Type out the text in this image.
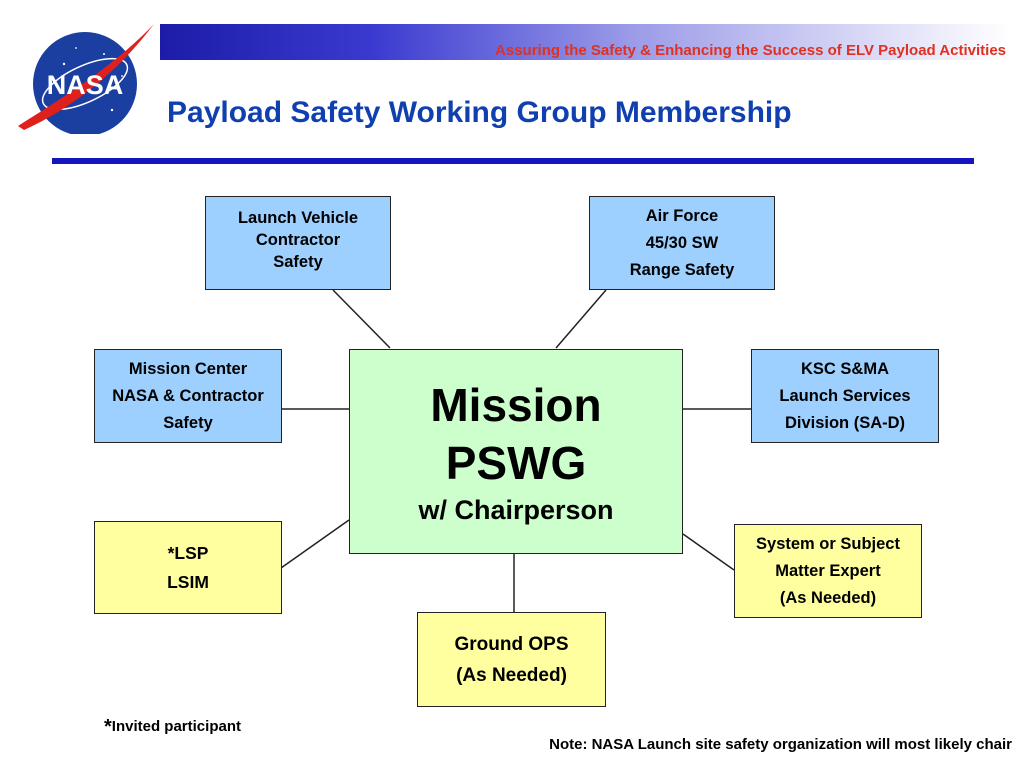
Assuring the Safety & Enhancing the Success of ELV Payload Activities
NASA
Payload Safety Working Group Membership
Launch Vehicle
Contractor
Safety
Air Force
45/30 SW
Range Safety
Mission Center
NASA & Contractor
Safety
KSC S&MA
Launch Services
Division (SA-D)
Mission
PSWG
w/ Chairperson
*LSP
LSIM
System or Subject
Matter Expert
(As Needed)
Ground OPS
(As Needed)
*Invited participant
Note: NASA Launch site safety organization will most likely chair
